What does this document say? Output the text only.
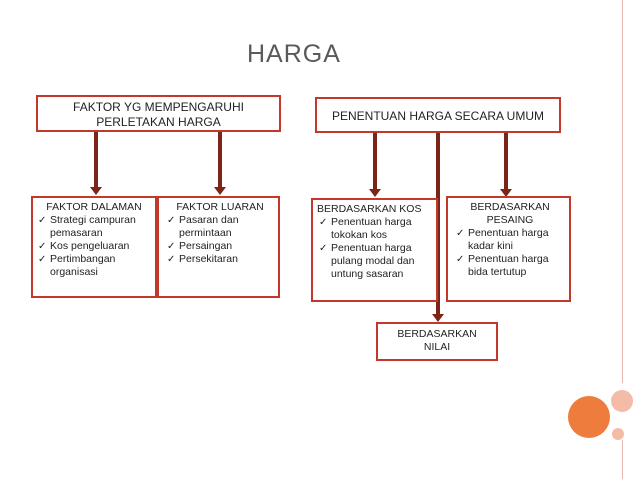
HARGA
FAKTOR YG MEMPENGARUHI
PERLETAKAN HARGA	PENENTUAN HARGA SECARA UMUM
FAKTOR DALAMAN
✓ Strategi campuran
pemasaran
✓ Kos pengeluaran
✓ Pertimbangan
organisasi
FAKTOR LUARAN
✓ Pasaran dan
permintaan
✓ Persaingan
✓ Persekitaran
BERDASARKAN KOS
✓ Penentuan harga
tokokan kos
✓ Penentuan harga
pulang modal dan
untung sasaran
BERDASARKAN
PESAING
✓ Penentuan harga
kadar kini
✓ Penentuan harga
bida tertutup
BERDASARKAN
NILAI
